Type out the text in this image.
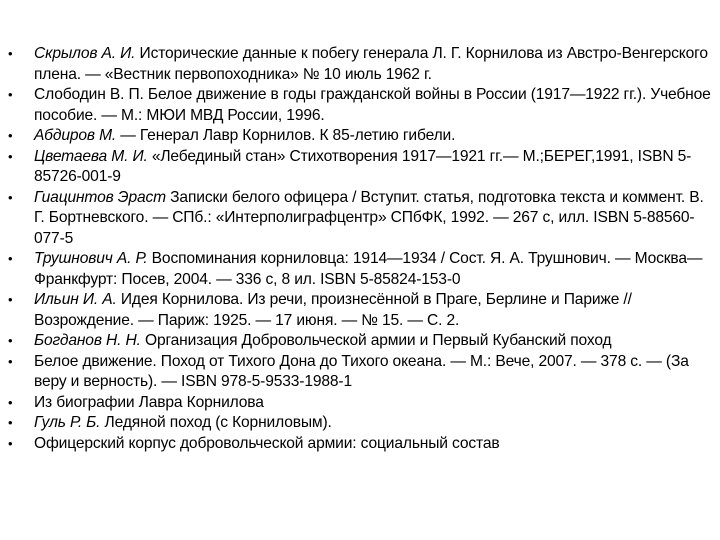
•	Скрылов А. И. Исторические данные к побегу генерала Л. Г. Корнилова из Австро-Венгерского плена. — «Вестник первопоходника» № 10 июль 1962 г.
•	Слободин В. П. Белое движение в годы гражданской войны в России (1917—1922 гг.). Учебное пособие. — М.: МЮИ МВД России, 1996.
•	Абдиров М. — Генерал Лавр Корнилов. К 85-летию гибели.
•	Цветаева М. И. «Лебединый стан» Стихотворения 1917—1921 гг.— М.;БЕРЕГ,1991, ISBN 5-85726-001-9
•	Гиацинтов Эраст Записки белого офицера / Вступит. статья, подготовка текста и коммент. В. Г. Бортневского. — СПб.: «Интерполиграфцентр» СПбФК, 1992. — 267 с, илл. ISBN 5-88560-077-5
•	Трушнович А. Р. Воспоминания корниловца: 1914—1934 / Сост. Я. А. Трушнович. — Москва—Франкфурт: Посев, 2004. — 336 с, 8 ил. ISBN 5-85824-153-0
•	Ильин И. А. Идея Корнилова. Из речи, произнесённой в Праге, Берлине и Париже // Возрождение. — Париж: 1925. — 17 июня. — № 15. — С. 2.
•	Богданов Н. Н. Организация Добровольческой армии и Первый Кубанский поход
•	Белое движение. Поход от Тихого Дона до Тихого океана. — М.: Вече, 2007. — 378 с. — (За веру и верность). — ISBN 978-5-9533-1988-1
•	Из биографии Лавра Корнилова
•	Гуль Р. Б. Ледяной поход (с Корниловым).
•	Офицерский корпус добровольческой армии: социальный состав
